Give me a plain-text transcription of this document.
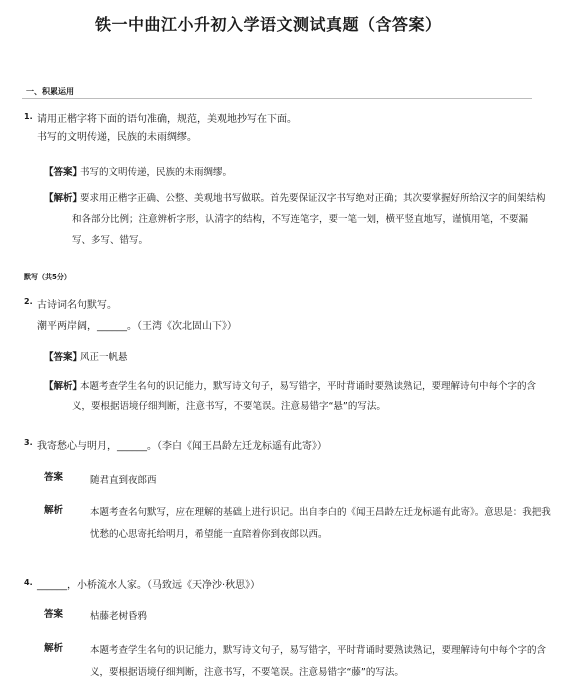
铁一中曲江小升初入学语文测试真题（含答案）
一、积累运用
1. 请用正楷字将下面的语句准确，规范，美观地抄写在下面。
书写的文明传递，民族的未雨绸缪。
【答案】
书写的文明传递，民族的未雨绸缪。
【解析】
要求用正楷字正确、公整、美观地书写做联。首先要保证汉字书写绝对正确；其次要掌握好所给汉字的间架结构
和各部分比例；注意辨析字形，认清字的结构，不写连笔字，要一笔一划，横平竖直地写，谨慎用笔，不要漏
写、多写、错写。
默写（共5分）
2. 古诗词名句默写。
潮平两岸阔，______。（王湾《次北固山下》）
【答案】
风正一帆悬
【解析】
本题考查学生名句的识记能力，默写诗文句子，易写错字，平时背诵时要熟读熟记，要理解诗句中每个字的含
义，要根据语境仔细判断，注意书写，不要笔误。注意易错字“悬”的写法。
3. 我寄愁心与明月，______。（李白《闻王昌龄左迁龙标遥有此寄》）
答案	随君直到夜郎西
解析	本题考查名句默写，应在理解的基础上进行识记。出自李白的《闻王昌龄左迁龙标遥有此寄》。意思是：我把我
忧愁的心思寄托给明月，希望能一直陪着你到夜郎以西。
4. ______，小桥流水人家。（马致远《天净沙·秋思》）
答案	枯藤老树昏鸦
解析	本题考查学生名句的识记能力，默写诗文句子，易写错字，平时背诵时要熟读熟记，要理解诗句中每个字的含
义，要根据语境仔细判断，注意书写，不要笔误。注意易错字“藤”的写法。
